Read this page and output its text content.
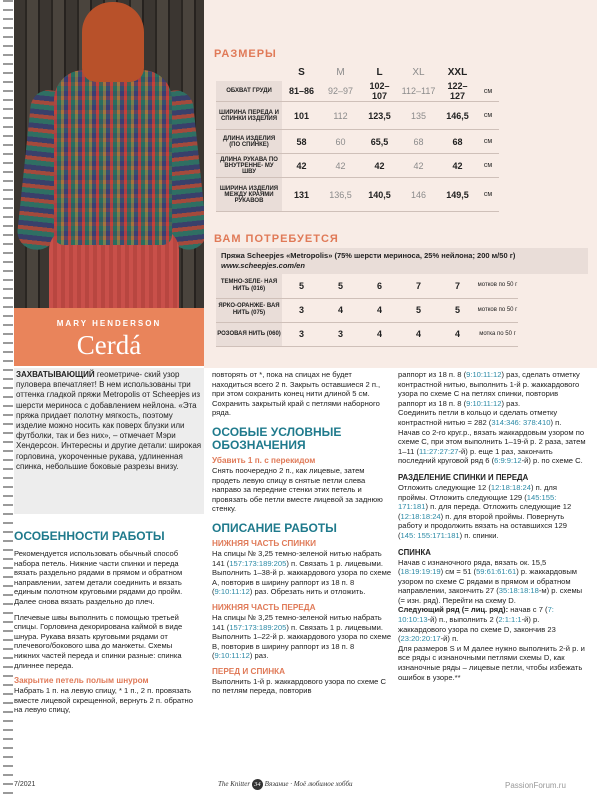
MARY HENDERSON
Cerdá
РАЗМЕРЫ
	S	M	L	XL	XXL	
ОБХВАТ ГРУДИ	81–86	92–97	102–107	112–117	122–127	см
ШИРИНА ПЕРЕДА И СПИНКИ ИЗДЕЛИЯ	101	112	123,5	135	146,5	см
ДЛИНА ИЗДЕЛИЯ (ПО СПИНКЕ)	58	60	65,5	68	68	см
ДЛИНА РУКАВА ПО ВНУТРЕННЕ- МУ ШВУ	42	42	42	42	42	см
ШИРИНА ИЗДЕЛИЯ МЕЖДУ КРАЯМИ РУКАВОВ	131	136,5	140,5	146	149,5	см
ВАМ ПОТРЕБУЕТСЯ
Пряжа Scheepjes «Metropolis» (75% шерсти мериноса, 25% нейлона; 200 м/50 г)
www.scheepjes.com/en
ТЕМНО-ЗЕЛЕ- НАЯ НИТЬ (016)	5	5	6	7	7	мотков по 50 г
ЯРКО-ОРАНЖЕ- ВАЯ НИТЬ (075)	3	4	4	5	5	мотков по 50 г
РОЗОВАЯ НИТЬ (060)	3	3	4	4	4	мотка по 50 г
ЗАХВАТЫВАЮЩИЙ геометриче- ский узор пуловера впечатляет! В нем использованы три оттенка гладкой пряжи Metropolis от Scheepjes из шерсти мериноса с добавлением нейлона. «Эта пряжа придает полотну мягкость, поэтому изделие можно носить как поверх блузки или футболки, так и без них», – отмечает Мэри Хендерсон. Интересны и другие детали: широкая горловина, укороченные рукава, удлиненная спинка, небольшие боковые разрезы внизу.
ОСОБЕННОСТИ РАБОТЫ
Рекомендуется использовать обычный способ набора петель. Нижние части спинки и переда вязать раздельно рядами в прямом и обратном направлении, затем детали соединить и вязать единым полотном круговыми рядами до пройм. Далее снова вязать раздельно до плеч.
Плечевые швы выполнить с помощью третьей спицы. Горловина декорирована каймой в виде шнура. Рукава вязать круговыми рядами от плечевого/бокового шва до манжеты. Схемы нижних частей переда и спинки разные: спинка длиннее переда.
Закрытие петель полым шнуром
Набрать 1 п. на левую спицу, * 1 п., 2 п. провязать вместе лицевой скрещенной, вернуть 2 п. обратно на левую спицу,
повторять от *, пока на спицах не будет находиться всего 2 п. Закрыть оставшиеся 2 п., при этом сохранить конец нити длиной 5 см. Сохранить закрытый край с петлями наборного ряда.
ОСОБЫЕ УСЛОВНЫЕ ОБОЗНАЧЕНИЯ
Убавить 1 п. с перекидом
Снять поочередно 2 п., как лицевые, затем продеть левую спицу в снятые петли слева направо за передние стенки этих петель и провязать обе петли вместе лицевой за заднюю стенку.
ОПИСАНИЕ РАБОТЫ
НИЖНЯЯ ЧАСТЬ СПИНКИ
На спицы № 3,25 темно-зеленой нитью набрать 141 (157:173:189:205) п. Связать 1 р. лицевыми. Выполнить 1–38-й р. жаккардового узора по схеме А, повторив в ширину раппорт из 18 п. 8 (9:10:11:12) раз. Обрезать нить и отложить.
НИЖНЯЯ ЧАСТЬ ПЕРЕДА
На спицы № 3,25 темно-зеленой нитью набрать 141 (157:173:189:205) п. Связать 1 р. лицевыми. Выполнить 1–22-й р. жаккардового узора по схеме В, повторив в ширину раппорт из 18 п. 8 (9:10:11:12) раз.
ПЕРЕД И СПИНКА
Выполнить 1-й р. жаккардового узора по схеме С по петлям переда, повторив
раппорт из 18 п. 8 (9:10:11:12) раз, сделать отметку контрастной нитью, выполнить 1-й р. жаккардового узора по схеме С на петлях спинки, повторив раппорт из 18 п. 8 (9:10:11:12) раз.
Соединить петли в кольцо и сделать отметку контрастной нитью = 282 (314:346: 378:410) п.
Начав со 2-го круг.р., вязать жаккардовым узором по схеме С, при этом выполнить 1–19-й р. 2 раза, затем 1–11 (11:27:27:27-й) р. еще 1 раз, закончить последний круговой ряд 6 (6:9:9:12-й) р. по схеме С.
РАЗДЕЛЕНИЕ СПИНКИ И ПЕРЕДА
Отложить следующие 12 (12:18:18:24) п. для проймы. Отложить следующие 129 (145:155: 171:181) п. для переда. Отложить следующие 12 (12:18:18:24) п. для второй проймы. Повернуть работу и продолжить вязать на оставшихся 129 (145: 155:171:181) п. спинки.
СПИНКА
Начав с изнаночного ряда, вязать ок. 15,5 (18:19:19:19) см = 51 (59:61:61:61) р. жаккардовым узором по схеме С рядами в прямом и обратном направлении, закончить 27 (35:18:18:18-м) р. схемы (= изн. ряд). Перейти на схему D.
Следующий ряд (= лиц. ряд): начав с 7 (7: 10:10:13-й) п., выполнить 2 (2:1:1:1-й) р. жаккардового узора по схеме D, закончив 23 (23:20:20:17-й) п.
Для размеров S и M далее нужно выполнить 2-й р. и все ряды с изнаночными петлями схемы D, как изнаночные ряды – лицевые петли, чтобы избежать ошибок в узоре.**
7/2021	The Knitter 34 Вязание · Моё любимое хобби	PassionForum.ru
